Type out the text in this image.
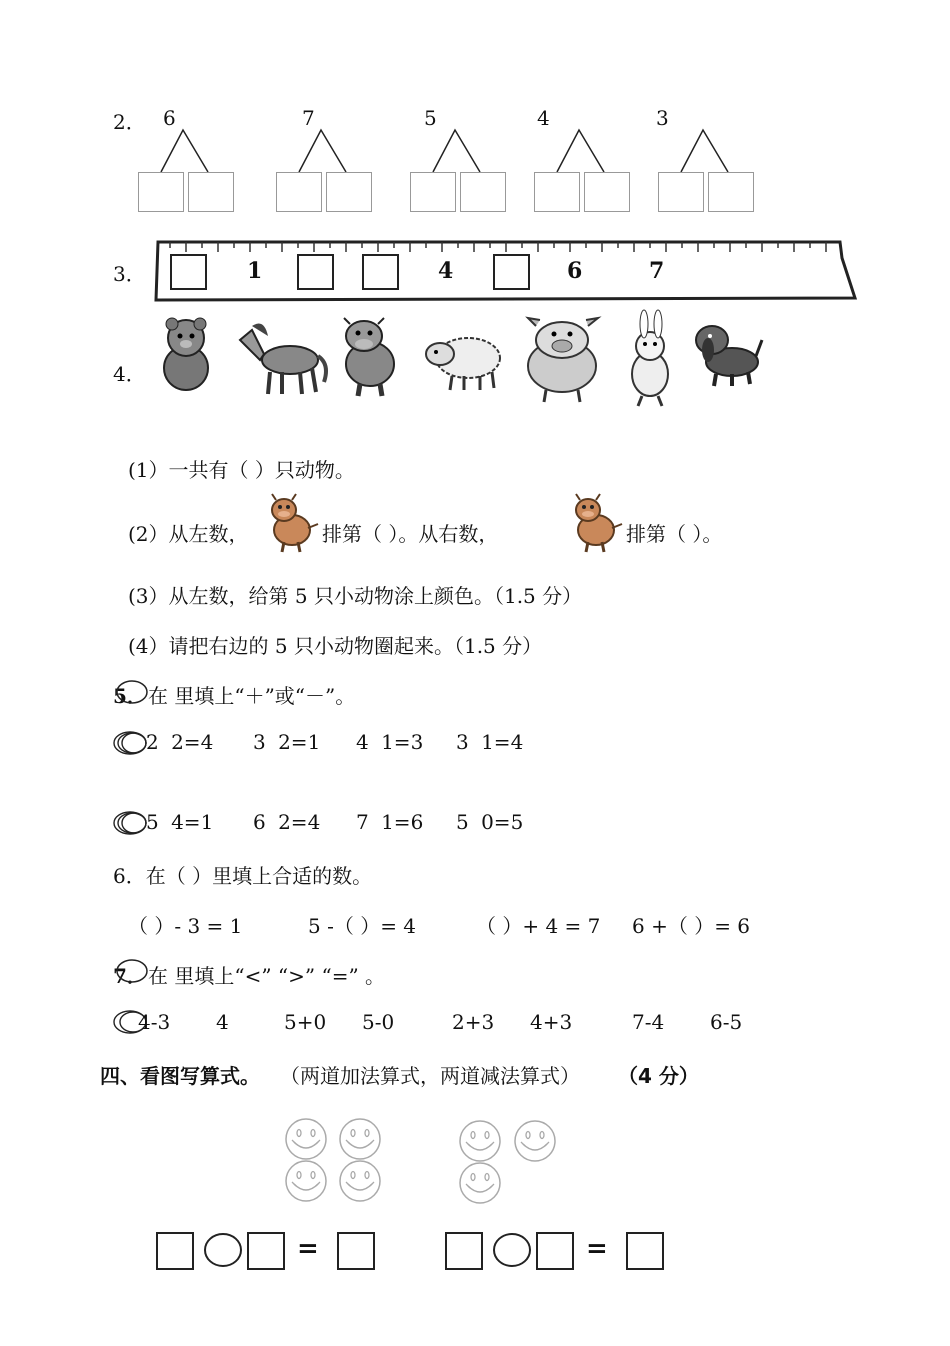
2． 6	7	5	4	3
3．	1	4	6	7
4．
(1）一共有（ ）只动物。
(2）从左数，	排第（ ）。从右数，	排第（ ）。
(3）从左数，给第 5 只小动物涂上颜色。（1.5 分）
(4）请把右边的 5 只小动物圈起来。（1.5 分）
5． 在 里填上“＋”或“－”。
2 2=4 3 2=1 4 1=3 3 1=4
5 4=1 6 2=4 7 1=6 5 0=5
6．在（ ）里填上合适的数。
（ ）- 3 = 1	5 -（ ）= 4	（ ）+ 4 = 7 6 +（ ）= 6
7． 在 里填上“<” “>” “=” 。
4-3 4	5+0 5-0	2+3 4+3	7-4 6-5
四、看图写算式。 （两道加法算式，两道减法算式） （4 分）
=	=
